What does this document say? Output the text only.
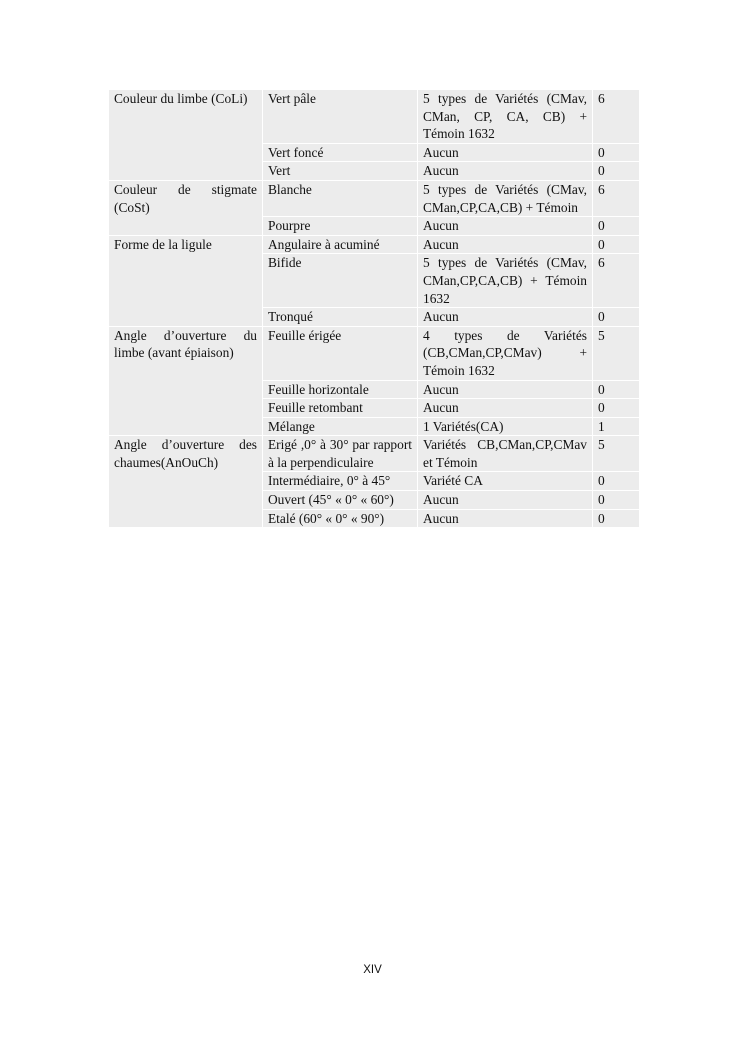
Couleur du limbe (CoLi)	Vert pâle	5 types de Variétés (CMav, CMan, CP, CA, CB) + Témoin 1632	6
	Vert foncé	Aucun	0
	Vert	Aucun	0
Couleur de stigmate (CoSt)	Blanche	5 types de Variétés (CMav, CMan,CP,CA,CB) + Témoin	6
	Pourpre	Aucun	0
Forme de la ligule	Angulaire à acuminé	Aucun	0
	Bifide	5 types de Variétés (CMav, CMan,CP,CA,CB) + Témoin 1632	6
	Tronqué	Aucun	0
Angle d’ouverture du limbe (avant épiaison)	Feuille érigée	4 types de Variétés (CB,CMan,CP,CMav) + Témoin 1632	5
	Feuille horizontale	Aucun	0
	Feuille retombant	Aucun	0
	Mélange	1 Variétés(CA)	1
Angle d’ouverture des chaumes(AnOuCh)	Erigé ,0° à 30° par rapport à la perpendiculaire	Variétés CB,CMan,CP,CMav et Témoin	5
	Intermédiaire, 0° à 45°	Variété CA	0
	Ouvert (45° « 0° « 60°)	Aucun	0
	Etalé (60° « 0° « 90°)	Aucun	0
XIV
